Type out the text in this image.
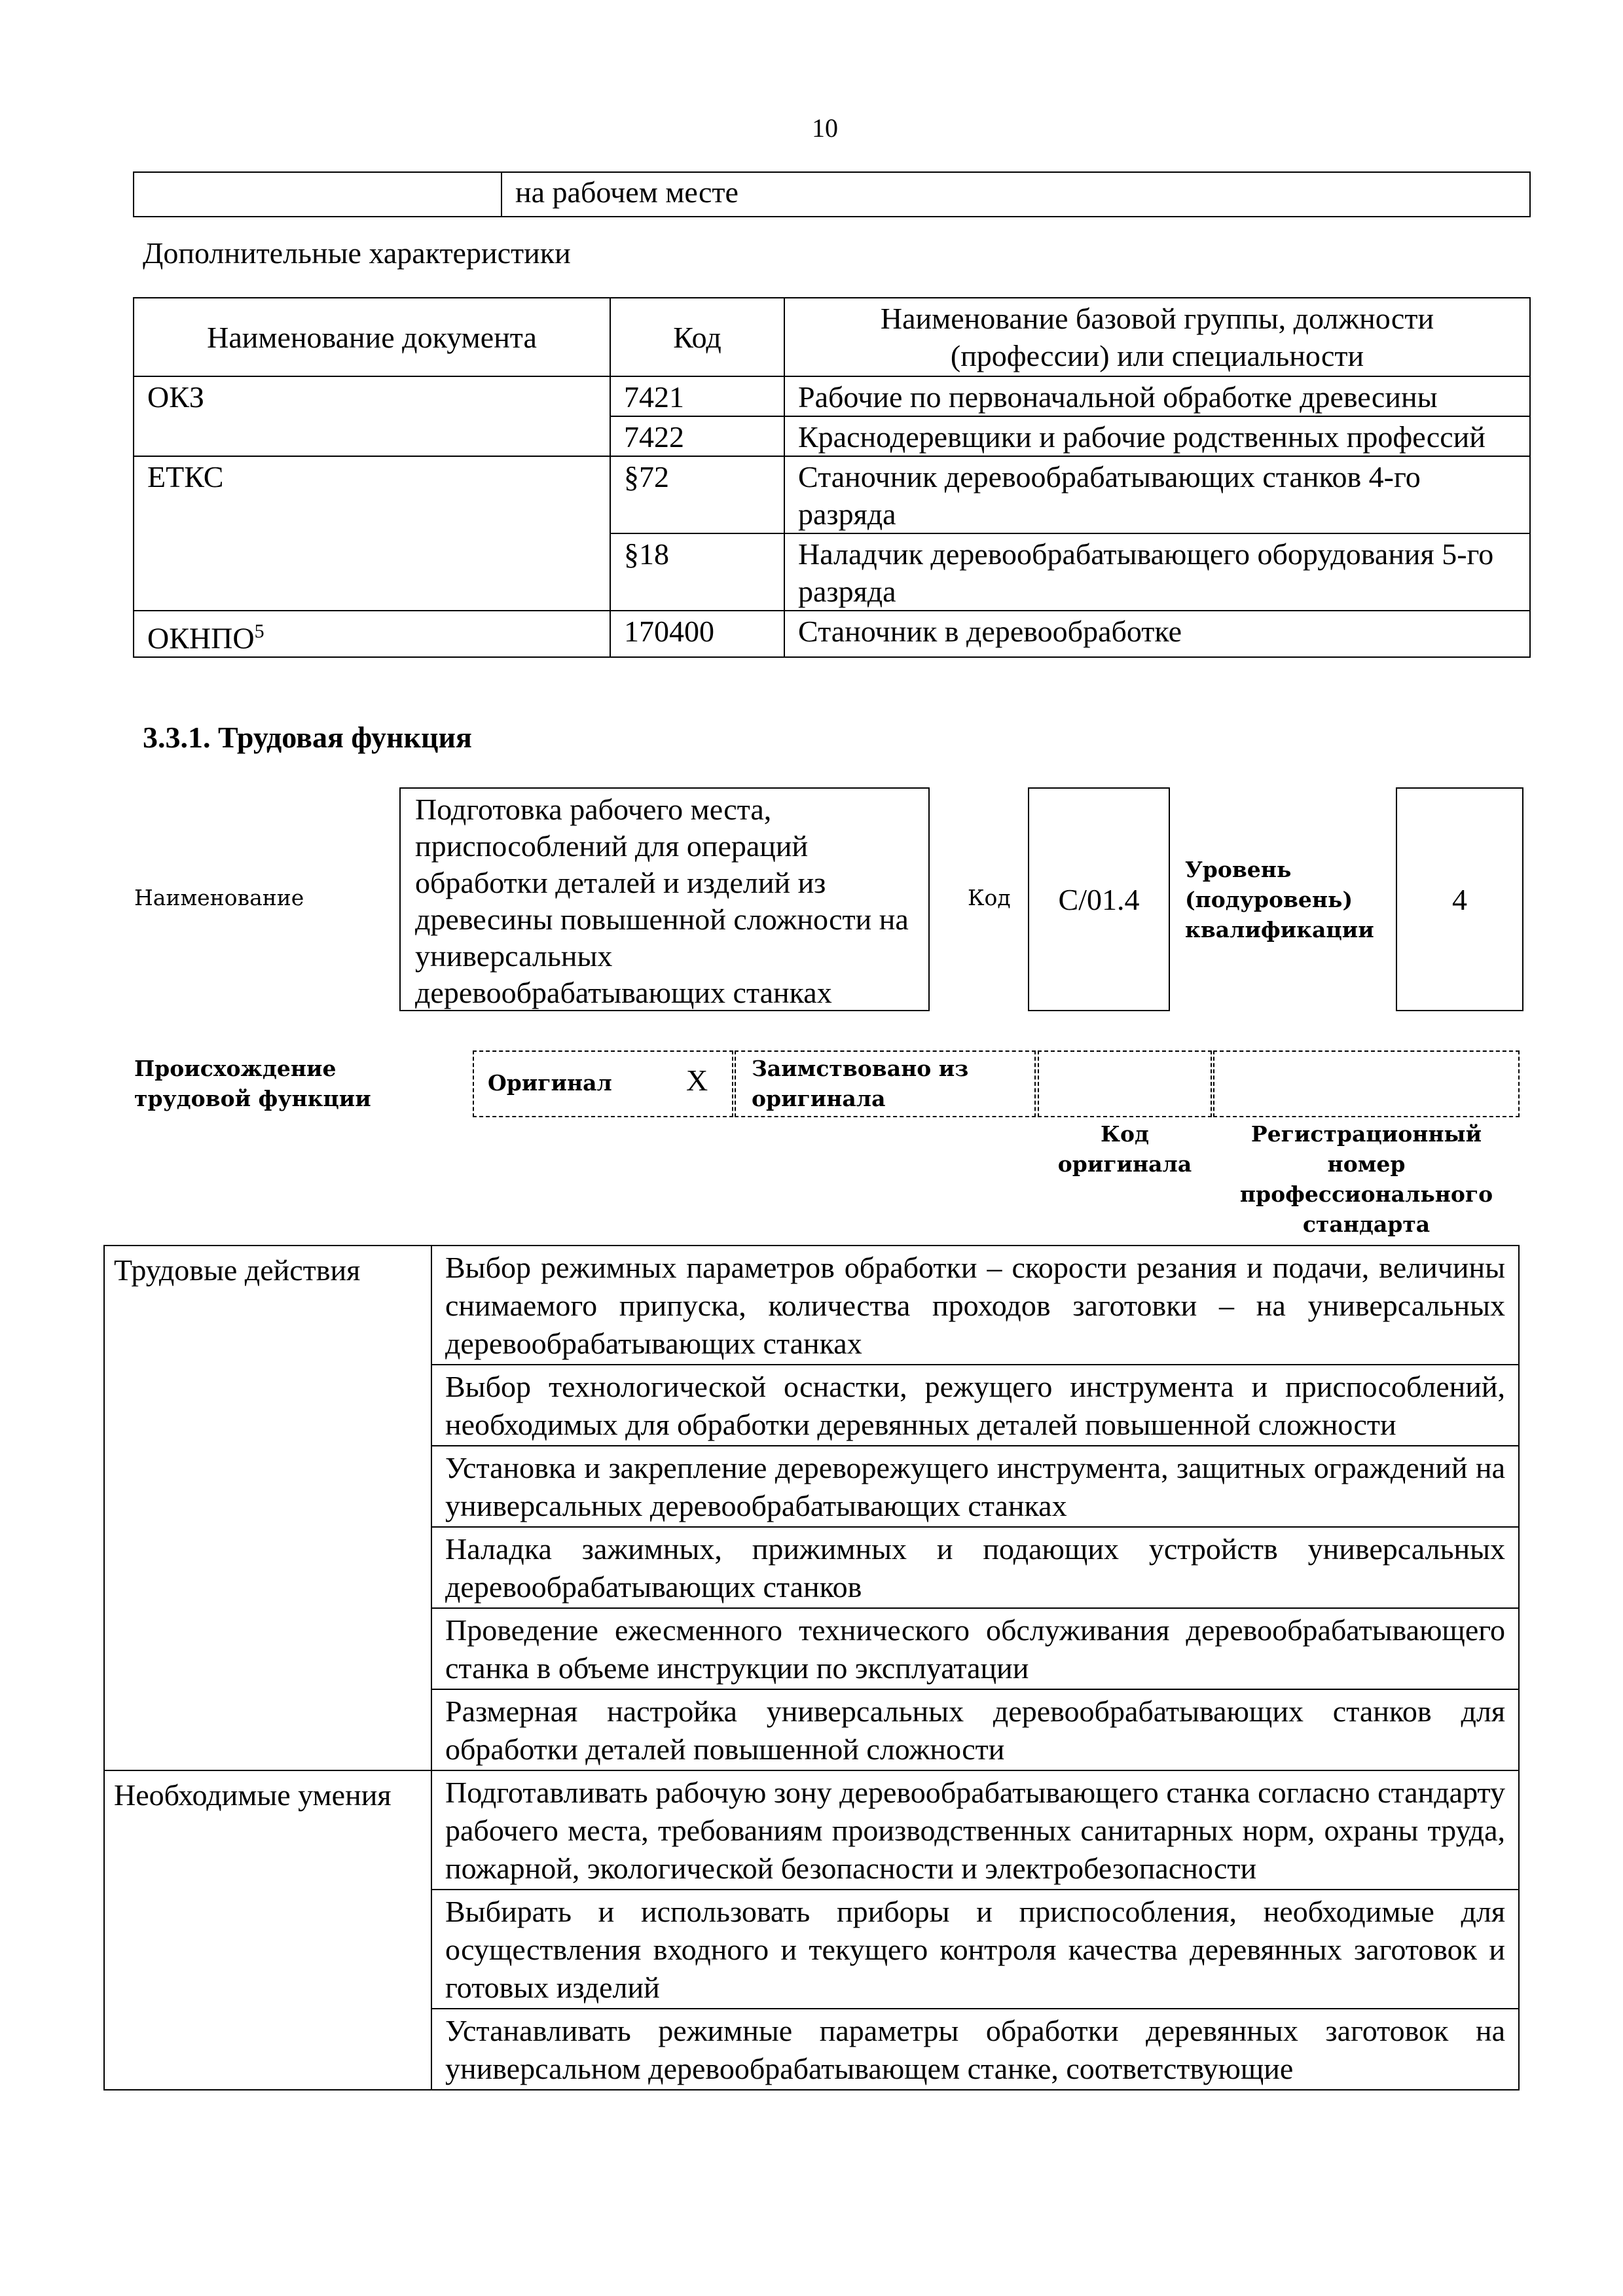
10
	на рабочем месте
Дополнительные характеристики
Наименование документа	Код	Наименование базовой группы, должности (профессии) или специальности
ОКЗ	7421	Рабочие по первоначальной обработке древесины
	7422	Краснодеревщики и рабочие родственных профессий
ЕТКС	§72	Станочник деревообрабатывающих станков 4-го разряда
	§18	Наладчик деревообрабатывающего оборудования 5-го разряда
ОКНПО$^5$	170400	Станочник в деревообработке
3.3.1. Трудовая функция
Наименование
Подготовка рабочего места, приспособлений для операций обработки деталей и изделий из древесины повышенной сложности на универсальных деревообрабатывающих станках
Код C/01.4
Уровень (подуровень) квалификации
4
Происхождение трудовой функции
Оригинал X Заимствовано из оригинала
Код оригинала
Регистрационный номер профессионального стандарта
Трудовые действия	Выбор режимных параметров обработки – скорости резания и подачи, величины снимаемого припуска, количества проходов заготовки – на универсальных деревообрабатывающих станках
	Выбор технологической оснастки, режущего инструмента и приспособлений, необходимых для обработки деревянных деталей повышенной сложности
	Установка и закрепление дереворежущего инструмента, защитных ограждений на универсальных деревообрабатывающих станках
	Наладка зажимных, прижимных и подающих устройств универсальных деревообрабатывающих станков
	Проведение ежесменного технического обслуживания деревообрабатывающего станка в объеме инструкции по эксплуатации
	Размерная настройка универсальных деревообрабатывающих станков для обработки деталей повышенной сложности
Необходимые умения	Подготавливать рабочую зону деревообрабатывающего станка согласно стандарту рабочего места, требованиям производственных санитарных норм, охраны труда, пожарной, экологической безопасности и электробезопасности
	Выбирать и использовать приборы и приспособления, необходимые для осуществления входного и текущего контроля качества деревянных заготовок и готовых изделий
	Устанавливать режимные параметры обработки деревянных заготовок на универсальном деревообрабатывающем станке, соответствующие
